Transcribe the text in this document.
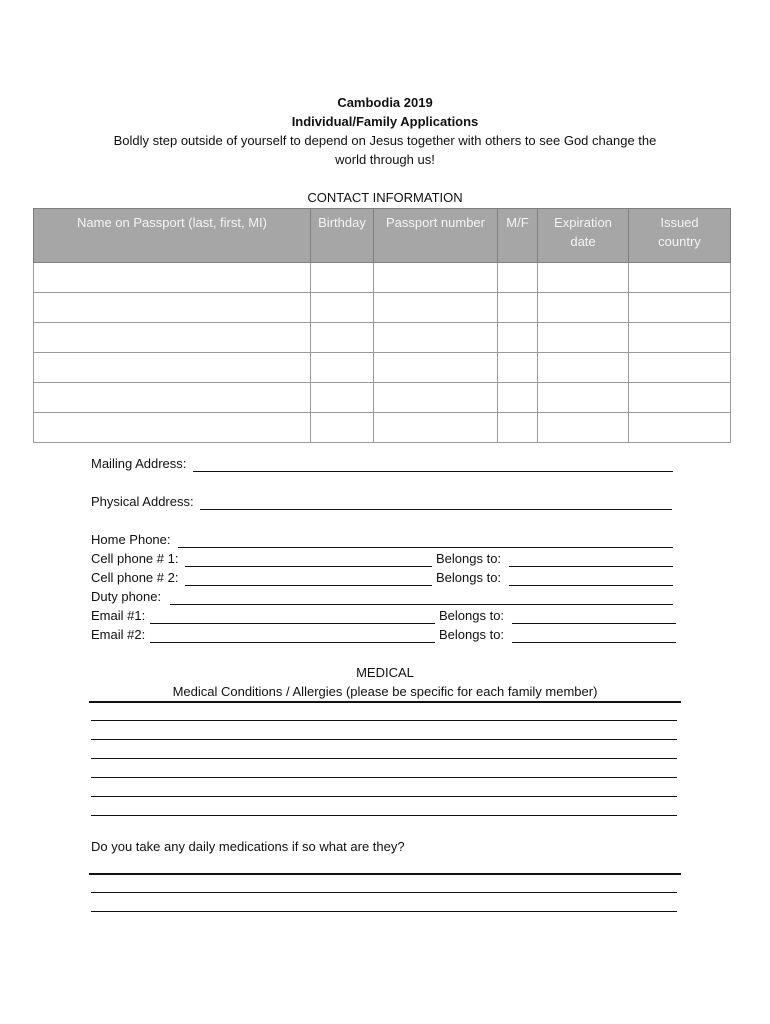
Cambodia 2019
Individual/Family Applications
Boldly step outside of yourself to depend on Jesus together with others to see God change the
world through us!
CONTACT INFORMATION
Name on Passport (last, first, MI)	Birthday	Passport number	M/F	Expiration date	Issued country

Mailing Address:
Physical Address:
Home Phone:
Cell phone # 1:	Belongs to:
Cell phone # 2:	Belongs to:
Duty phone:
Email #1:	Belongs to:
Email #2:	Belongs to:
MEDICAL
Medical Conditions / Allergies (please be specific for each family member)
Do you take any daily medications if so what are they?
